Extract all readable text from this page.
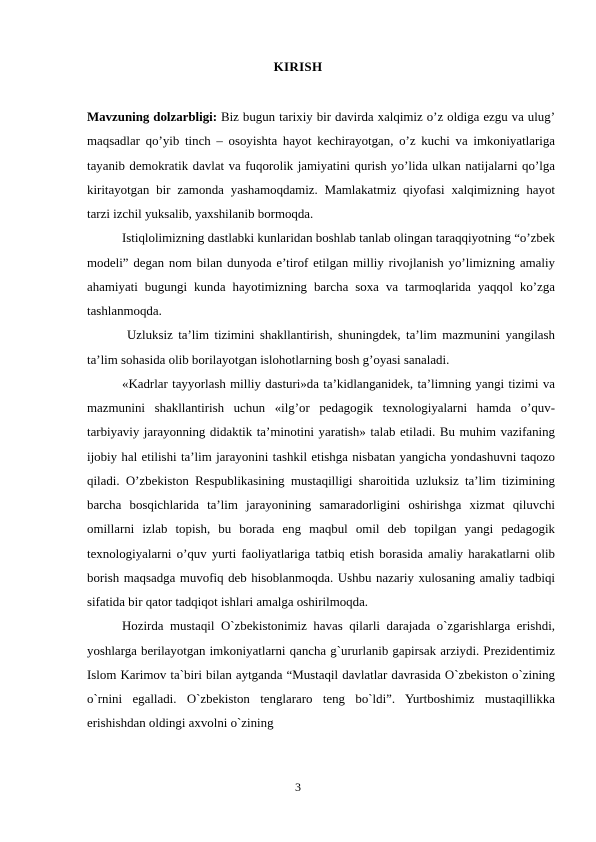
KIRISH

Mavzuning dolzarbligi: Biz bugun tarixiy bir davirda xalqimiz o’z oldiga ezgu va ulug’ maqsadlar qo’yib tinch – osoyishta hayot kechirayotgan, o’z kuchi va imkoniyatlariga tayanib demokratik davlat va fuqorolik jamiyatini qurish yo’lida ulkan natijalarni qo’lga kiritayotgan bir zamonda yashamoqdamiz. Mamlakatmiz qiyofasi xalqimizning hayot tarzi izchil yuksalib, yaxshilanib bormoqda.

Istiqlolimizning dastlabki kunlaridan boshlab tanlab olingan taraqqiyotning “o’zbek modeli” degan nom bilan dunyoda e’tirof etilgan milliy rivojlanish yo’limizning amaliy ahamiyati bugungi kunda hayotimizning barcha soxa va tarmoqlarida yaqqol ko’zga tashlanmoqda.

Uzluksiz ta’lim tizimini shakllantirish, shuningdek, ta’lim mazmunini yangilash ta’lim sohasida olib borilayotgan islohotlarning bosh g’oyasi sanaladi.

«Kadrlar tayyorlash milliy dasturi»da ta’kidlanganidek, ta’limning yangi tizimi va mazmunini shakllantirish uchun «ilg’or pedagogik texnologiyalarni hamda o’quv-tarbiyaviy jarayonning didaktik ta’minotini yaratish» talab etiladi. Bu muhim vazifaning ijobiy hal etilishi ta’lim jarayonini tashkil etishga nisbatan yangicha yondashuvni taqozo qiladi. O’zbekiston Respublikasining mustaqilligi sharoitida uzluksiz ta’lim tizimining barcha bosqichlarida ta’lim jarayonining samaradorligini oshirishga xizmat qiluvchi omillarni izlab topish, bu borada eng maqbul omil deb topilgan yangi pedagogik texnologiyalarni o’quv yurti faoliyatlariga tatbiq etish borasida amaliy harakatlarni olib borish maqsadga muvofiq deb hisoblanmoqda. Ushbu nazariy xulosaning amaliy tadbiqi sifatida bir qator tadqiqot ishlari amalga oshirilmoqda.

Hozirda mustaqil O`zbekistonimiz havas qilarli darajada o`zgarishlarga erishdi, yoshlarga berilayotgan imkoniyatlarni qancha g`ururlanib gapirsak arziydi. Prezidentimiz Islom Karimov ta`biri bilan aytganda “Mustaqil davlatlar davrasida O`zbekiston o`zining o`rnini egalladi. O`zbekiston tenglararo teng bo`ldi”. Yurtboshimiz mustaqillikka erishishdan oldingi axvolni o`zining

3
